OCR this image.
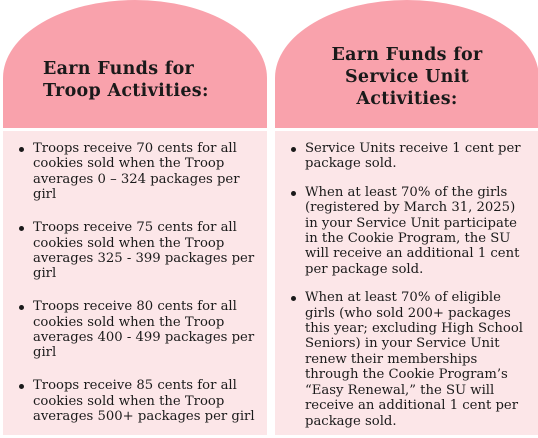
Earn Funds for
Troop Activities:
Troops receive 70 cents for all cookies sold when the Troop averages 0 – 324 packages per girl
Troops receive 75 cents for all cookies sold when the Troop averages 325 - 399 packages per girl
Troops receive 80 cents for all cookies sold when the Troop averages 400 - 499 packages per girl
Troops receive 85 cents for all cookies sold when the Troop averages 500+ packages per girl
Earn Funds for
Service Unit
Activities:
Service Units receive 1 cent per package sold.
When at least 70% of the girls (registered by March 31, 2025) in your Service Unit participate in the Cookie Program, the SU will receive an additional 1 cent per package sold.
When at least 70% of eligible girls (who sold 200+ packages this year; excluding High School Seniors) in your Service Unit renew their memberships through the Cookie Program’s “Easy Renewal,” the SU will receive an additional 1 cent per package sold.
